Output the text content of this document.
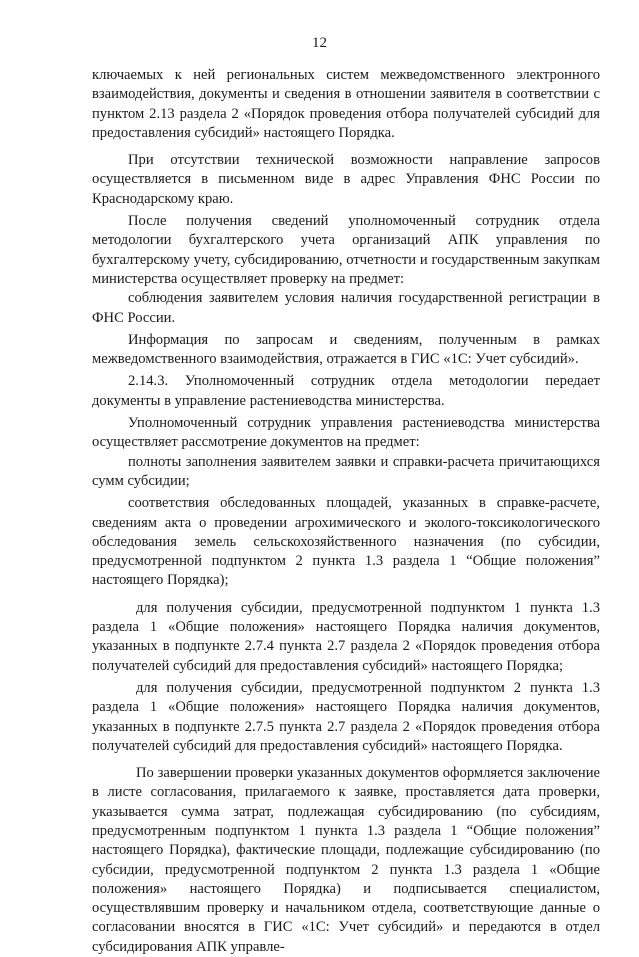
12

ключаемых к ней региональных систем межведомственного электронного взаимодействия, документы и сведения в отношении заявителя в соответствии с пунктом 2.13 раздела 2 «Порядок проведения отбора получателей субсидий для предоставления субсидий» настоящего Порядка.

При отсутствии технической возможности направление запросов осуществляется в письменном виде в адрес Управления ФНС России по Краснодарскому краю.

После получения сведений уполномоченный сотрудник отдела методологии бухгалтерского учета организаций АПК управления по бухгалтерскому учету, субсидированию, отчетности и государственным закупкам министерства осуществляет проверку на предмет:

соблюдения заявителем условия наличия государственной регистрации в ФНС России.

Информация по запросам и сведениям, полученным в рамках межведомственного взаимодействия, отражается в ГИС «1С: Учет субсидий».

2.14.3. Уполномоченный сотрудник отдела методологии передает документы в управление растениеводства министерства.

Уполномоченный сотрудник управления растениеводства министерства осуществляет рассмотрение документов на предмет:

полноты заполнения заявителем заявки и справки-расчета причитающихся сумм субсидии;

соответствия обследованных площадей, указанных в справке-расчете, сведениям акта о проведении агрохимического и эколого-токсикологического обследования земель сельскохозяйственного назначения (по субсидии, предусмотренной подпунктом 2 пункта 1.3 раздела 1 “Общие положения” настоящего Порядка);

для получения субсидии, предусмотренной подпунктом 1 пункта 1.3 раздела 1 «Общие положения» настоящего Порядка наличия документов, указанных в подпункте 2.7.4 пункта 2.7 раздела 2 «Порядок проведения отбора получателей субсидий для предоставления субсидий» настоящего Порядка;

для получения субсидии, предусмотренной подпунктом 2 пункта 1.3 раздела 1 «Общие положения» настоящего Порядка наличия документов, указанных в подпункте 2.7.5 пункта 2.7 раздела 2 «Порядок проведения отбора получателей субсидий для предоставления субсидий» настоящего Порядка.

По завершении проверки указанных документов оформляется заключение в листе согласования, прилагаемого к заявке, проставляется дата проверки, указывается сумма затрат, подлежащая субсидированию (по субсидиям, предусмотренным подпунктом 1 пункта 1.3 раздела 1 “Общие положения” настоящего Порядка), фактические площади, подлежащие субсидированию (по субсидии, предусмотренной подпунктом 2 пункта 1.3 раздела 1 «Общие положения» настоящего Порядка) и подписывается специалистом, осуществлявшим проверку и начальником отдела, соответствующие данные о согласовании вносятся в ГИС «1С: Учет субсидий» и передаются в отдел субсидирования АПК управле-
